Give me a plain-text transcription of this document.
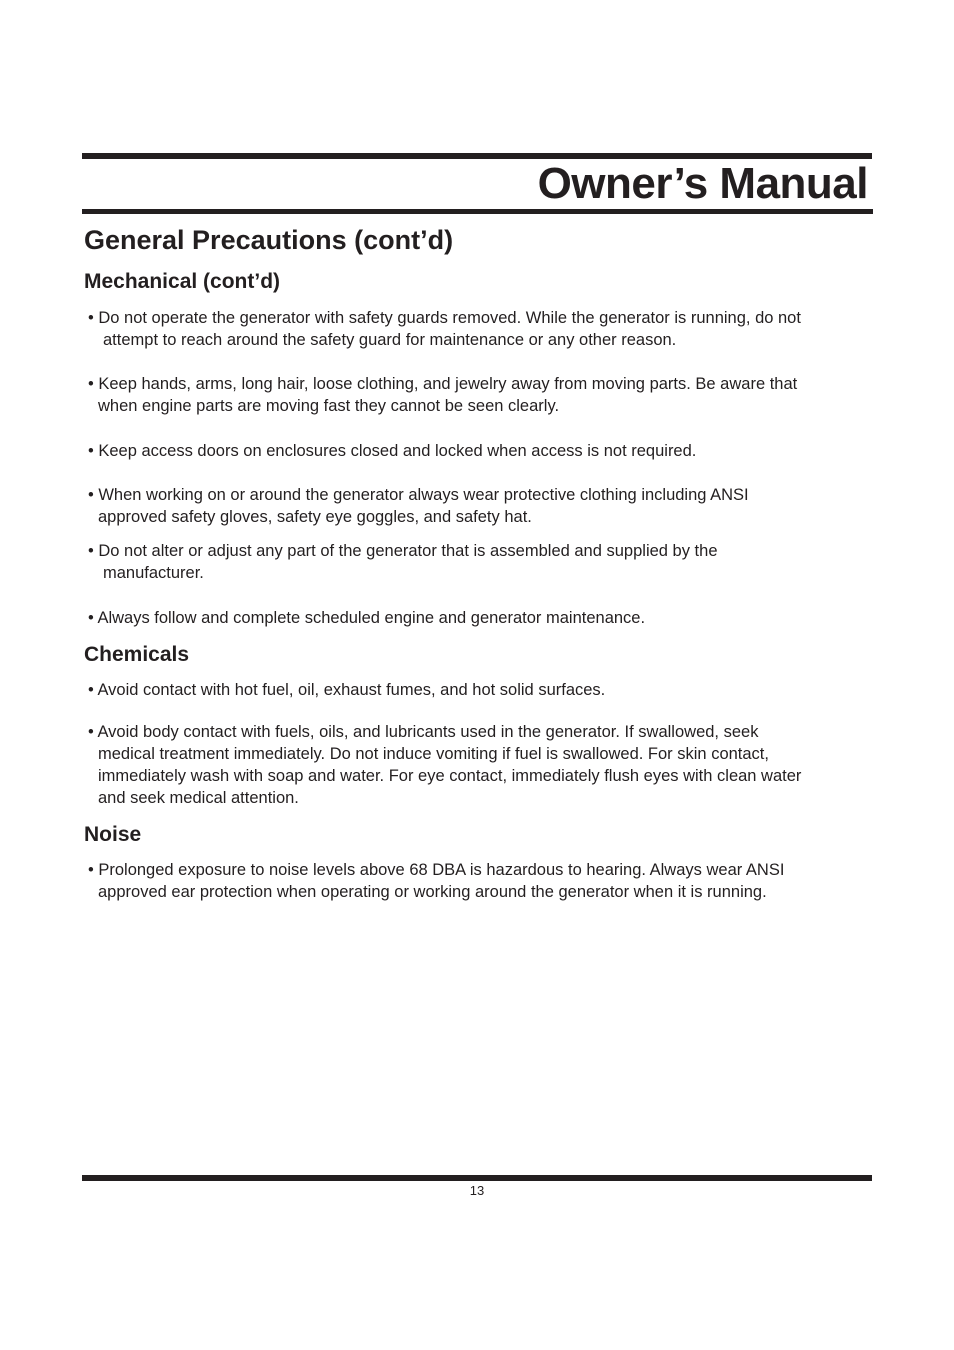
Owner’s Manual
General Precautions (cont’d)
Mechanical (cont’d)

• Do not operate the generator with safety guards removed. While the generator is running, do not
attempt to reach around the safety guard for maintenance or any other reason.

• Keep hands, arms, long hair, loose clothing, and jewelry away from moving parts. Be aware that
when engine parts are moving fast they cannot be seen clearly.

• Keep access doors on enclosures closed and locked when access is not required.

• When working on or around the generator always wear protective clothing including ANSI
approved safety gloves, safety eye goggles, and safety hat.

• Do not alter or adjust any part of the generator that is assembled and supplied by the
manufacturer.

• Always follow and complete scheduled engine and generator maintenance.

Chemicals

• Avoid contact with hot fuel, oil, exhaust fumes, and hot solid surfaces.

• Avoid body contact with fuels, oils, and lubricants used in the generator. If swallowed, seek
medical treatment immediately. Do not induce vomiting if fuel is swallowed. For skin contact,
immediately wash with soap and water. For eye contact, immediately flush eyes with clean water
and seek medical attention.

Noise

• Prolonged exposure to noise levels above 68 DBA is hazardous to hearing. Always wear ANSI
approved ear protection when operating or working around the generator when it is running.

13
